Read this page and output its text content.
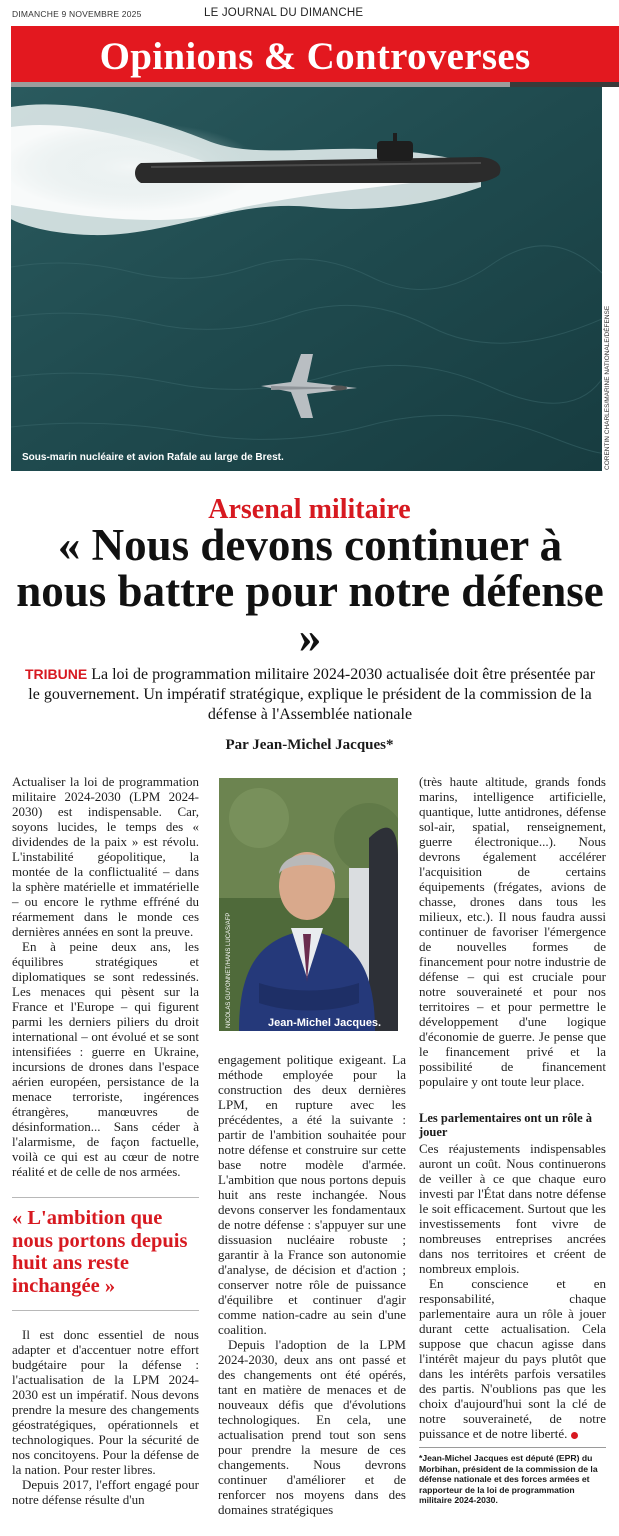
DIMANCHE 9 NOVEMBRE 2025	LE JOURNAL DU DIMANCHE
Opinions & Controverses
Sous-marin nucléaire et avion Rafale au large de Brest.	CORENTIN CHARLES/MARINE NATIONALE/DÉFENSE
Arsenal militaire
« Nous devons continuer à nous battre pour notre défense »
TRIBUNE La loi de programmation militaire 2024-2030 actualisée doit être présentée par le gouvernement. Un impératif stratégique, explique le président de la commission de la défense à l'Assemblée nationale
Par Jean-Michel Jacques*

Actualiser la loi de programmation militaire 2024-2030 (LPM 2024-2030) est indispensable. Car, soyons lucides, le temps des « dividendes de la paix » est révolu. L'instabilité géopolitique, la montée de la conflictualité – dans la sphère matérielle et immatérielle – ou encore le rythme effréné du réarmement dans le monde ces dernières années en sont la preuve.

En à peine deux ans, les équilibres stratégiques et diplomatiques se sont redessinés. Les menaces qui pèsent sur la France et l'Europe – qui figurent parmi les derniers piliers du droit international – ont évolué et se sont intensifiées : guerre en Ukraine, incursions de drones dans l'espace aérien européen, persistance de la menace terroriste, ingérences étrangères, manœuvres de désinformation... Sans céder à l'alarmisme, de façon factuelle, voilà ce qui est au cœur de notre réalité et de celle de nos armées.

« L'ambition que nous portons depuis huit ans reste inchangée »

Il est donc essentiel de nous adapter et d'accentuer notre effort budgétaire pour la défense : l'actualisation de la LPM 2024-2030 est un impératif. Nous devons prendre la mesure des changements géostratégiques, opérationnels et technologiques. Pour la sécurité de nos concitoyens. Pour la défense de la nation. Pour rester libres.

Depuis 2017, l'effort engagé pour notre défense résulte d'un

Jean-Michel Jacques.
NICOLAS GUYONNET/HANS LUCAS/AFP

engagement politique exigeant. La méthode employée pour la construction des deux dernières LPM, en rupture avec les précédentes, a été la suivante : partir de l'ambition souhaitée pour notre défense et construire sur cette base notre modèle d'armée. L'ambition que nous portons depuis huit ans reste inchangée. Nous devons conserver les fondamentaux de notre défense : s'appuyer sur une dissuasion nucléaire robuste ; garantir à la France son autonomie d'analyse, de décision et d'action ; conserver notre rôle de puissance d'équilibre et continuer d'agir comme nation-cadre au sein d'une coalition.

Depuis l'adoption de la LPM 2024-2030, deux ans ont passé et des changements ont été opérés, tant en matière de menaces et de nouveaux défis que d'évolutions technologiques. En cela, une actualisation prend tout son sens pour prendre la mesure de ces changements. Nous devrons continuer d'améliorer et de renforcer nos moyens dans des domaines stratégiques

(très haute altitude, grands fonds marins, intelligence artificielle, quantique, lutte antidrones, défense sol-air, spatial, renseignement, guerre électronique...). Nous devrons également accélérer l'acquisition de certains équipements (frégates, avions de chasse, drones dans tous les milieux, etc.). Il nous faudra aussi continuer de favoriser l'émergence de nouvelles formes de financement pour notre industrie de défense – qui est cruciale pour notre souveraineté et pour nos territoires – et pour permettre le développement d'une logique d'économie de guerre. Je pense que le financement privé et la possibilité de financement populaire y ont toute leur place.

Les parlementaires ont un rôle à jouer

Ces réajustements indispensables auront un coût. Nous continuerons de veiller à ce que chaque euro investi par l'État dans notre défense le soit efficacement. Surtout que les investissements font vivre de nombreuses entreprises ancrées dans nos territoires et créent de nombreux emplois.

En conscience et en responsabilité, chaque parlementaire aura un rôle à jouer durant cette actualisation. Cela suppose que chacun agisse dans l'intérêt majeur du pays plutôt que dans les intérêts parfois versatiles des partis. N'oublions pas que les choix d'aujourd'hui sont la clé de notre souveraineté, de notre puissance et de notre liberté.

*Jean-Michel Jacques est député (EPR) du Morbihan, président de la commission de la défense nationale et des forces armées et rapporteur de la loi de programmation militaire 2024-2030.
